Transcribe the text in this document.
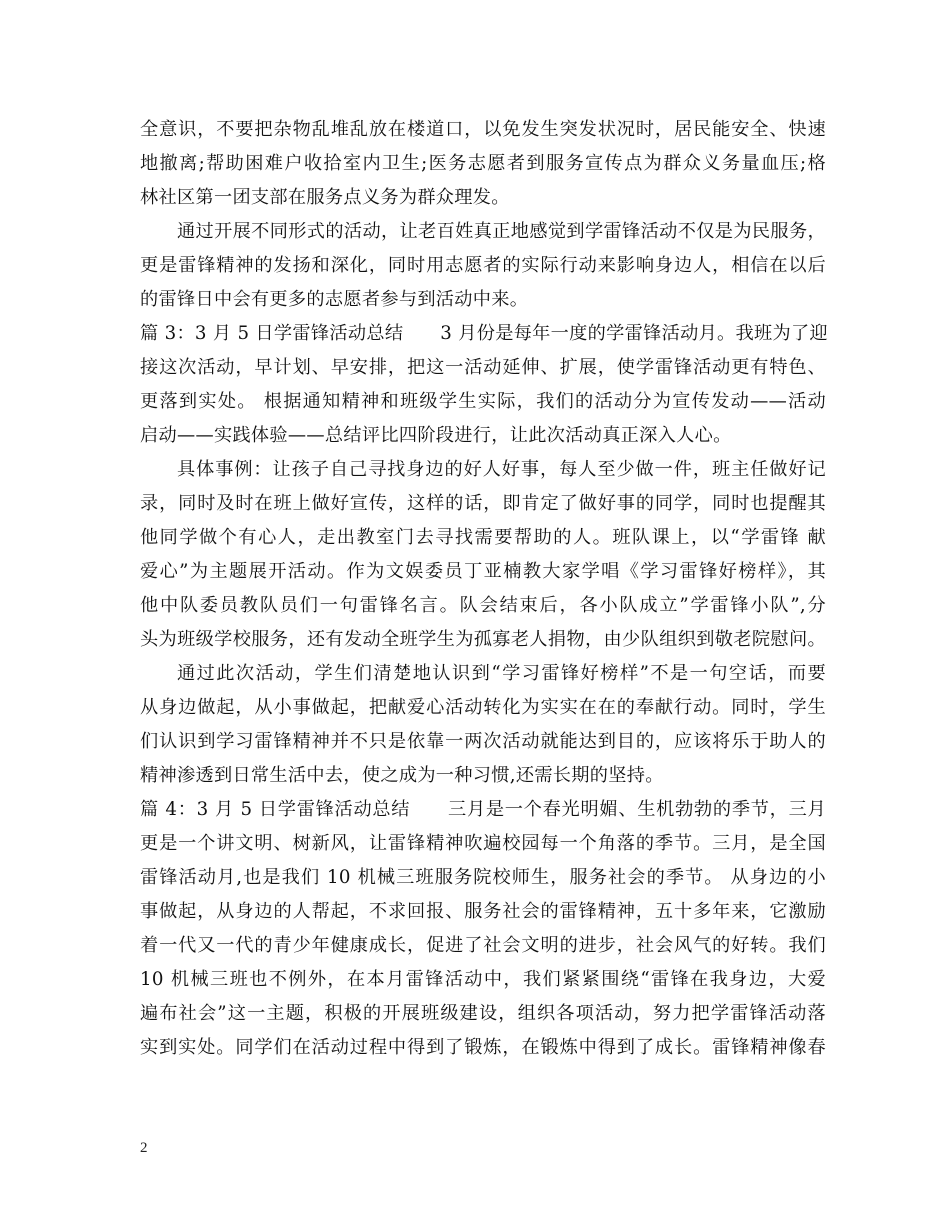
全意识，不要把杂物乱堆乱放在楼道口，以免发生突发状况时，居民能安全、快速
地撤离;帮助困难户收拾室内卫生;医务志愿者到服务宣传点为群众义务量血压;格
林社区第一团支部在服务点义务为群众理发。
通过开展不同形式的活动，让老百姓真正地感觉到学雷锋活动不仅是为民服务，
更是雷锋精神的发扬和深化，同时用志愿者的实际行动来影响身边人，相信在以后
的雷锋日中会有更多的志愿者参与到活动中来。
篇 3：3 月 5 日学雷锋活动总结　　3 月份是每年一度的学雷锋活动月。我班为了迎
接这次活动，早计划、早安排，把这一活动延伸、扩展，使学雷锋活动更有特色、
更落到实处。 根据通知精神和班级学生实际，我们的活动分为宣传发动——活动
启动——实践体验——总结评比四阶段进行，让此次活动真正深入人心。
具体事例：让孩子自己寻找身边的好人好事，每人至少做一件，班主任做好记
录，同时及时在班上做好宣传，这样的话，即肯定了做好事的同学，同时也提醒其
他同学做个有心人，走出教室门去寻找需要帮助的人。班队课上，以“学雷锋 献
爱心”为主题展开活动。作为文娱委员丁亚楠教大家学唱《学习雷锋好榜样》，其
他中队委员教队员们一句雷锋名言。队会结束后，各小队成立”学雷锋小队”,分
头为班级学校服务，还有发动全班学生为孤寡老人捐物，由少队组织到敬老院慰问。
通过此次活动，学生们清楚地认识到“学习雷锋好榜样”不是一句空话，而要
从身边做起，从小事做起，把献爱心活动转化为实实在在的奉献行动。同时，学生
们认识到学习雷锋精神并不只是依靠一两次活动就能达到目的，应该将乐于助人的
精神渗透到日常生活中去，使之成为一种习惯,还需长期的坚持。
篇 4：3 月 5 日学雷锋活动总结　　三月是一个春光明媚、生机勃勃的季节，三月
更是一个讲文明、树新风，让雷锋精神吹遍校园每一个角落的季节。三月，是全国
雷锋活动月,也是我们 10 机械三班服务院校师生，服务社会的季节。 从身边的小
事做起，从身边的人帮起，不求回报、服务社会的雷锋精神，五十多年来，它激励
着一代又一代的青少年健康成长，促进了社会文明的进步，社会风气的好转。我们
10 机械三班也不例外，在本月雷锋活动中，我们紧紧围绕“雷锋在我身边，大爱
遍布社会”这一主题，积极的开展班级建设，组织各项活动，努力把学雷锋活动落
实到实处。同学们在活动过程中得到了锻炼，在锻炼中得到了成长。雷锋精神像春
2
